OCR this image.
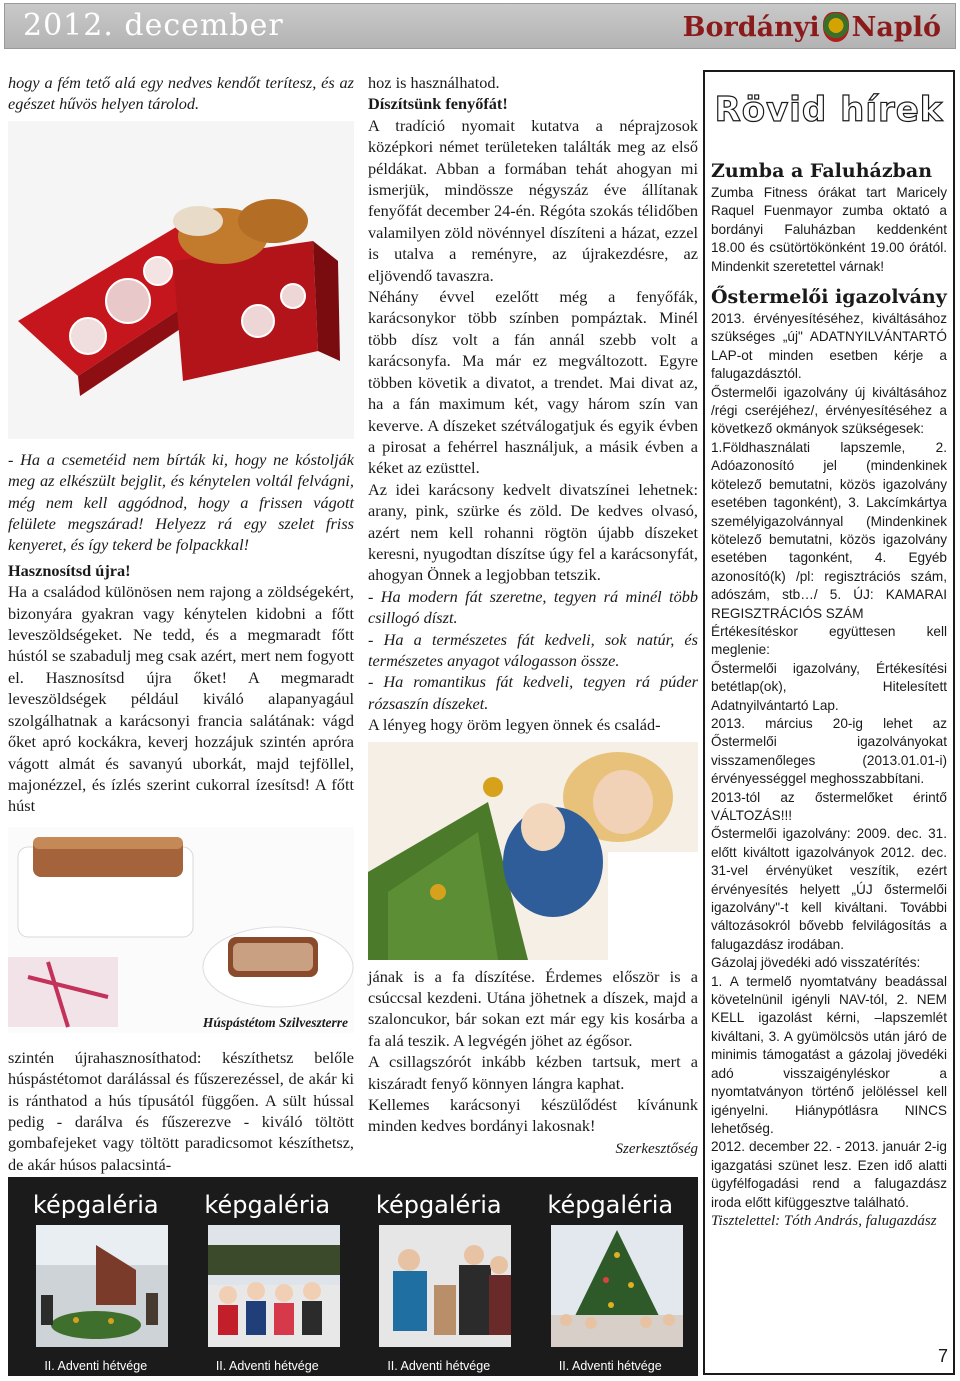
2012. december	Bordányi Napló

hogy a fém tető alá egy nedves kendőt terítesz, és az egészet hűvös helyen tárolod.

- Ha a csemetéid nem bírták ki, hogy ne kóstolják meg az elkészült bejglit, és kénytelen voltál felvágni, még nem kell aggódnod, hogy a frissen vágott felülete megszárad! Helyezz rá egy szelet friss kenyeret, és így tekerd be folpackkal!

Hasznosítsd újra!

Ha a családod különösen nem rajong a zöldségekért, bizonyára gyakran vagy kénytelen kidobni a főtt leveszöldségeket. Ne tedd, és a megmaradt főtt hústól se szabadulj meg csak azért, mert nem fogyott el. Hasznosítsd újra őket! A megmaradt leveszöldségek például kiváló alapanyagául szolgálhatnak a karácsonyi francia salátának: vágd őket apró kockákra, keverj hozzájuk szintén apróra vágott almát és savanyú uborkát, majd tejföllel, majonézzel, és ízlés szerint cukorral ízesítsd! A főtt húst

Húspástétom Szilveszterre

szintén újrahasznosíthatod: készíthetsz belőle húspástétomot darálással és fűszerezéssel, de akár ki is ránthatod a hús típusától függően. A sült hússal pedig - darálva és fűszerezve - kiváló töltött gombafejeket vagy töltött paradicsomot készíthetsz, de akár húsos palacsintá-

hoz is használhatod.

Díszítsünk fenyőfát!

A tradíció nyomait kutatva a néprajzosok középkori német területeken találták meg az első példákat. Abban a formában tehát ahogyan mi ismerjük, mindössze négyszáz éve állítanak fenyőfát december 24-én. Régóta szokás télidőben valamilyen zöld növénnyel díszíteni a házat, ezzel is utalva a reményre, az újrakezdésre, az eljövendő tavaszra.

Néhány évvel ezelőtt még a fenyőfák, karácsonykor több színben pompáztak. Minél több dísz volt a fán annál szebb volt a karácsonyfa. Ma már ez megváltozott. Egyre többen követik a divatot, a trendet. Mai divat az, ha a fán maximum két, vagy három szín van keverve. A díszeket szétválogatjuk és egyik évben a pirosat a fehérrel használjuk, a másik évben a kéket az ezüsttel.

Az idei karácsony kedvelt divatszínei lehetnek: arany, pink, szürke és zöld. De kedves olvasó, azért nem kell rohanni rögtön újabb díszeket keresni, nyugodtan díszítse úgy fel a karácsonyfát, ahogyan Önnek a legjobban tetszik.

- Ha modern fát szeretne, tegyen rá minél több csillogó díszt.

- Ha a természetes fát kedveli, sok natúr, és természetes anyagot válogasson össze.

- Ha romantikus fát kedveli, tegyen rá púder rózsaszín díszeket.

A lényeg hogy öröm legyen önnek és család-

jának is a fa díszítése. Érdemes először is a csúccsal kezdeni. Utána jöhetnek a díszek, majd a szaloncukor, bár sokan ezt már egy kis kosárba a fa alá teszik. A legvégén jöhet az égősor.

A csillagszórót inkább kézben tartsuk, mert a kiszáradt fenyő könnyen lángra kaphat.

Kellemes karácsonyi készülődést kívánunk minden kedves bordányi lakosnak!

Szerkesztőség

Rövid hírek
Zumba a Faluházban

Zumba Fitness órákat tart Maricely Raquel Fuenmayor zumba oktató a bordányi Faluházban keddenként 18.00 és csütörtökönként 19.00 órától. Mindenkit szeretettel várnak!

Őstermelői igazolvány

2013. érvényesítéséhez, kiváltásához szükséges „új" ADATNYILVÁNTARTÓ LAP-ot minden esetben kérje a falugazdásztól.

Őstermelői igazolvány új kiváltásához /régi cseréjéhez/, érvényesítéséhez a következő okmányok szükségesek:

1.Földhasználati lapszemle, 2. Adóazonosító jel (mindenkinek kötelező bemutatni, közös igazolvány esetében tagonként), 3. Lakcímkártya személyigazolvánnyal (Mindenkinek kötelező bemutatni, közös igazolvány esetében tagonként, 4. Egyéb azonosító(k) /pl: regisztrációs szám, adószám, stb…/ 5. ÚJ: KAMARAI REGISZTRÁCIÓS SZÁM

Értékesítéskor együttesen kell meglenie:

Őstermelői igazolvány, Értékesítési betétlap(ok), Hitelesített Adatnyilvántartó Lap.

2013. március 20-ig lehet az Őstermelői igazolványokat visszamenőleges (2013.01.01-i) érvényességgel meghosszabbítani.

2013-tól az őstermelőket érintő VÁLTOZÁS!!!

Őstermelői igazolvány: 2009. dec. 31. előtt kiváltott igazolványok 2012. dec. 31-vel érvényüket veszítik, ezért érvényesítés helyett „ÚJ őstermelői igazolvány"-t kell kiváltani. További változásokról bővebb felvilágosítás a falugazdász irodában.

Gázolaj jövedéki adó visszatérítés:

1. A termelő nyomtatvány beadással követelnünil igényli NAV-tól, 2. NEM KELL igazolást kérni, –lapszemlét kiváltani, 3. A gyümölcsös után járó de minimis támogatást a gázolaj jövedéki adó visszaigényléskor a nyomtatványon történő jelöléssel kell igényelni. Hiánypótlásra NINCS lehetőség.

2012. december 22. - 2013. január 2-ig igazgatási szünet lesz. Ezen idő alatti ügyfélfogadási rend a falugazdász iroda előtt kifüggesztve található.

Tisztelettel: Tóth András, falugazdász

7
képgaléria
II. Adventi hétvége
képgaléria
II. Adventi hétvége
képgaléria
II. Adventi hétvége
képgaléria
II. Adventi hétvége
